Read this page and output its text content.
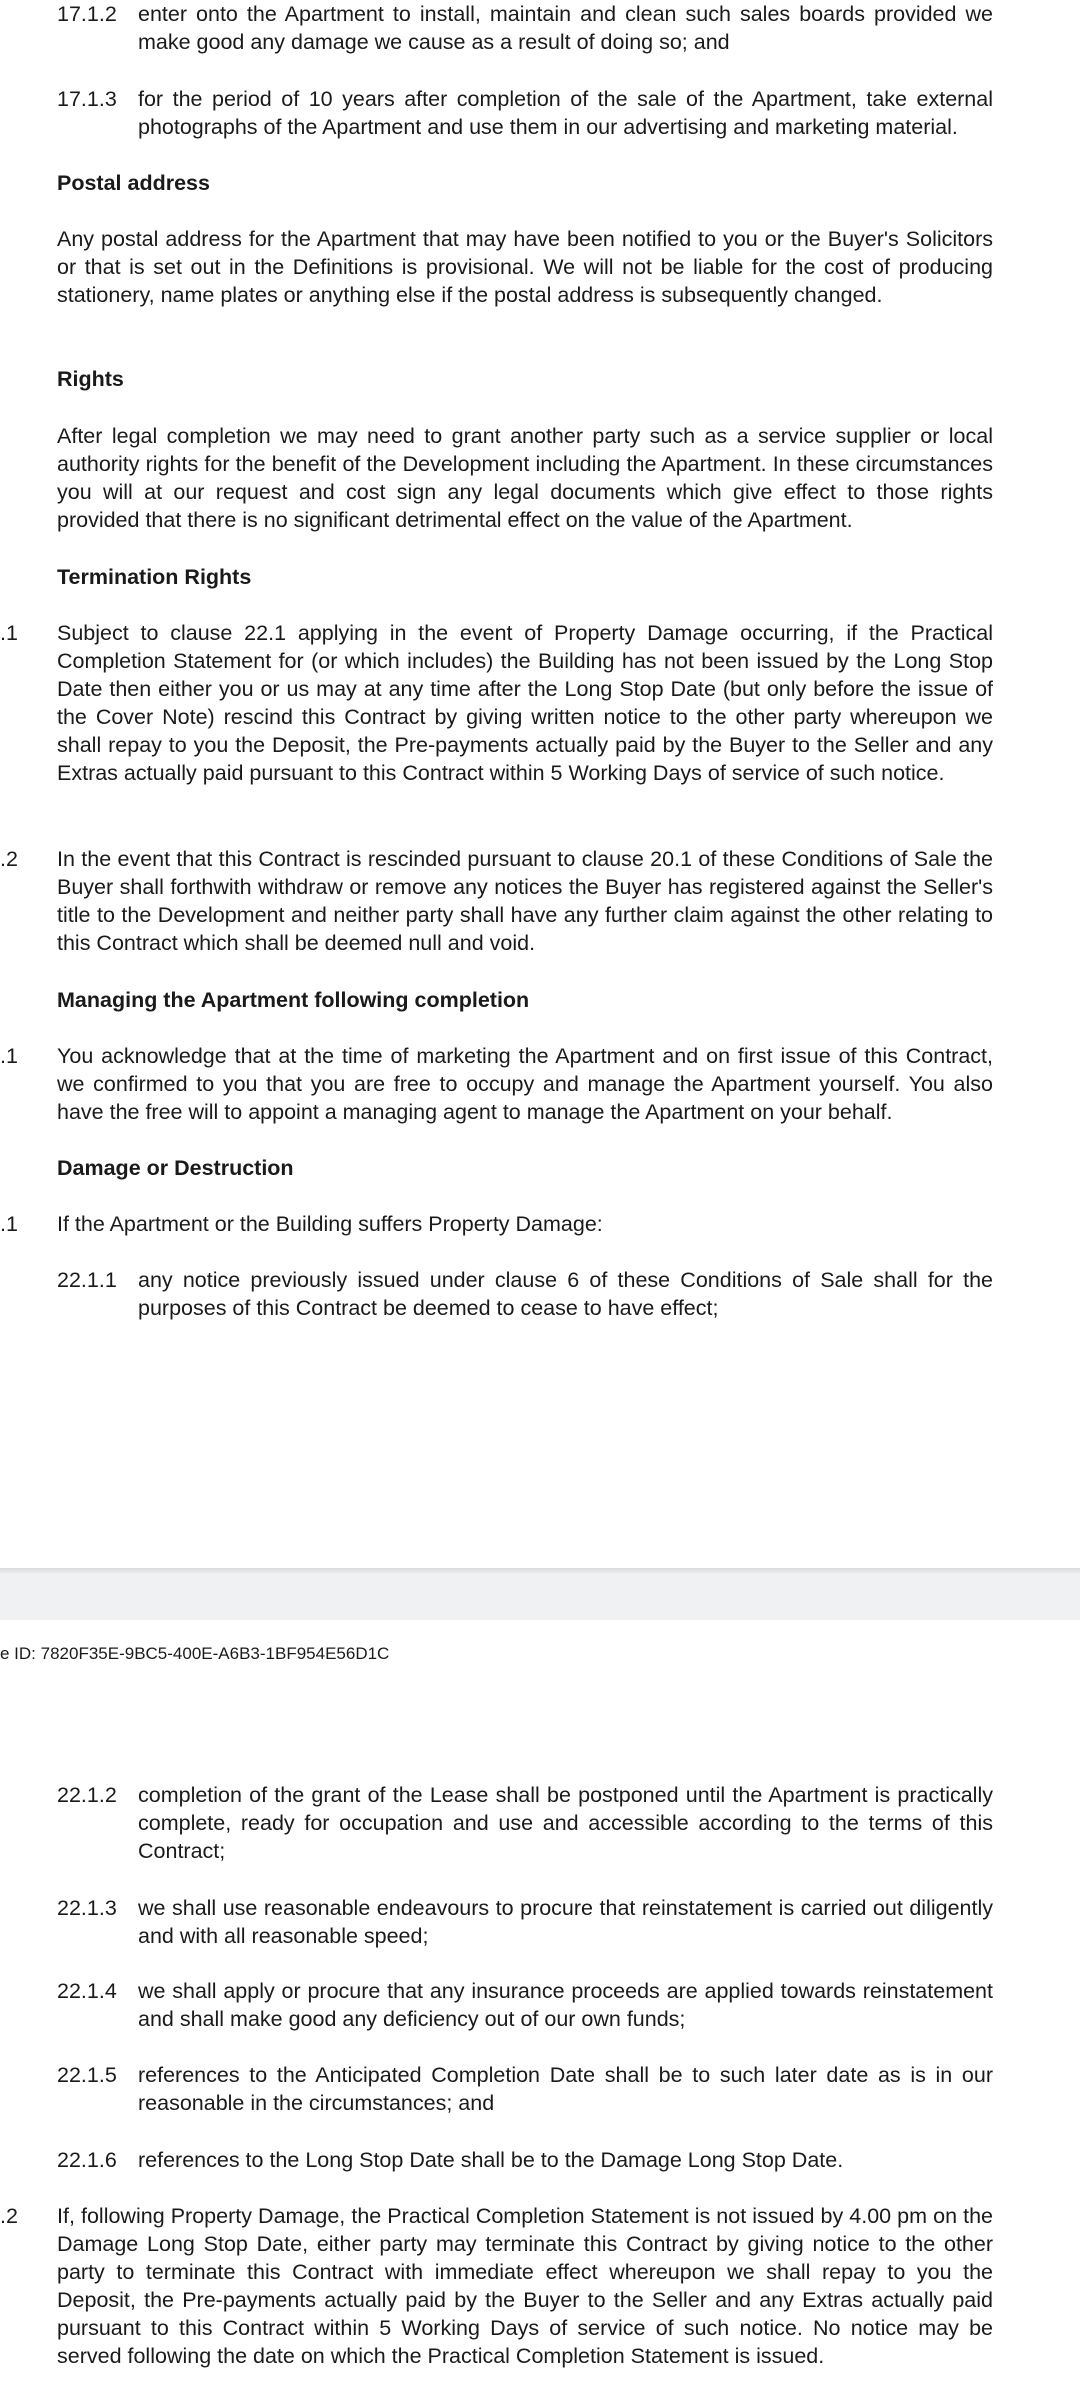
17.1.2 enter onto the Apartment to install, maintain and clean such sales boards provided we make good any damage we cause as a result of doing so; and

17.1.3 for the period of 10 years after completion of the sale of the Apartment, take external photographs of the Apartment and use them in our advertising and marketing material.

Postal address

Any postal address for the Apartment that may have been notified to you or the Buyer's Solicitors or that is set out in the Definitions is provisional. We will not be liable for the cost of producing stationery, name plates or anything else if the postal address is subsequently changed.

Rights

After legal completion we may need to grant another party such as a service supplier or local authority rights for the benefit of the Development including the Apartment. In these circumstances you will at our request and cost sign any legal documents which give effect to those rights provided that there is no significant detrimental effect on the value of the Apartment.

Termination Rights
.1 Subject to clause 22.1 applying in the event of Property Damage occurring, if the Practical Completion Statement for (or which includes) the Building has not been issued by the Long Stop Date then either you or us may at any time after the Long Stop Date (but only before the issue of the Cover Note) rescind this Contract by giving written notice to the other party whereupon we shall repay to you the Deposit, the Pre-payments actually paid by the Buyer to the Seller and any Extras actually paid pursuant to this Contract within 5 Working Days of service of such notice.

.2 In the event that this Contract is rescinded pursuant to clause 20.1 of these Conditions of Sale the Buyer shall forthwith withdraw or remove any notices the Buyer has registered against the Seller's title to the Development and neither party shall have any further claim against the other relating to this Contract which shall be deemed null and void.

Managing the Apartment following completion
.1 You acknowledge that at the time of marketing the Apartment and on first issue of this Contract, we confirmed to you that you are free to occupy and manage the Apartment yourself. You also have the free will to appoint a managing agent to manage the Apartment on your behalf.

Damage or Destruction
.1 If the Apartment or the Building suffers Property Damage:

22.1.1 any notice previously issued under clause 6 of these Conditions of Sale shall for the purposes of this Contract be deemed to cease to have effect;

e ID: 7820F35E-9BC5-400E-A6B3-1BF954E56D1C
22.1.2 completion of the grant of the Lease shall be postponed until the Apartment is practically complete, ready for occupation and use and accessible according to the terms of this Contract;

22.1.3 we shall use reasonable endeavours to procure that reinstatement is carried out diligently and with all reasonable speed;

22.1.4 we shall apply or procure that any insurance proceeds are applied towards reinstatement and shall make good any deficiency out of our own funds;

22.1.5 references to the Anticipated Completion Date shall be to such later date as is in our reasonable in the circumstances; and

22.1.6 references to the Long Stop Date shall be to the Damage Long Stop Date.

.2 If, following Property Damage, the Practical Completion Statement is not issued by 4.00 pm on the Damage Long Stop Date, either party may terminate this Contract by giving notice to the other party to terminate this Contract with immediate effect whereupon we shall repay to you the Deposit, the Pre-payments actually paid by the Buyer to the Seller and any Extras actually paid pursuant to this Contract within 5 Working Days of service of such notice. No notice may be served following the date on which the Practical Completion Statement is issued.
